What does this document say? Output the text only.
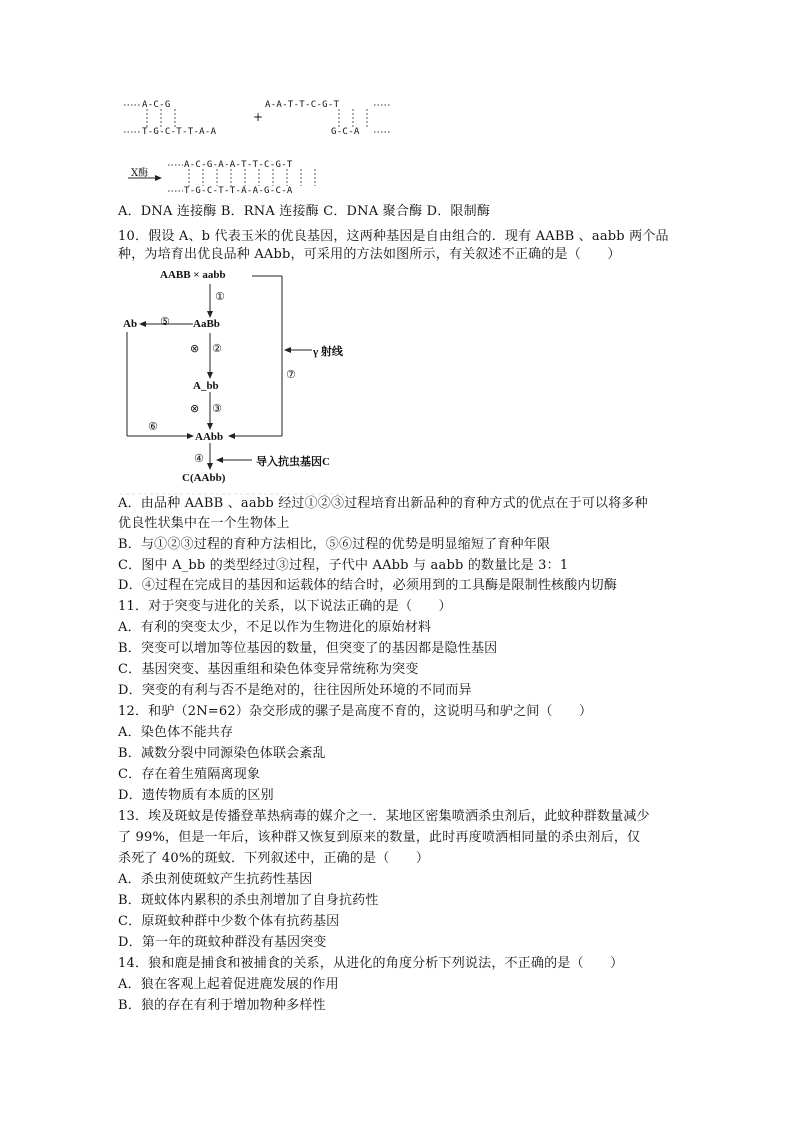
A-C-G
T-G-C-T-T-A-A
+
A-A-T-T-C-G-T
G-C-A
X酶
A-C-G-A-A-T-T-C-G-T
T-G-C-T-T-A-A-G-C-A
A．DNA 连接酶 B．RNA 连接酶 C．DNA 聚合酶 D．限制酶
10．假设 A、b 代表玉米的优良基因，这两种基因是自由组合的．现有 AABB 、aabb 两个品
种，为培育出优良品种 AAbb，可采用的方法如图所示，有关叙述不正确的是（　　）
AABB × aabb
①
AaBb
Ab ⑤
⊗ ②	γ 射线
⑦
A_bb
⊗ ③
⑥
AAbb
④	导入抗虫基因C
C(AAbb)
A．由品种 AABB 、aabb 经过①②③过程培育出新品种的育种方式的优点在于可以将多种
优良性状集中在一个生物体上
B．与①②③过程的育种方法相比，⑤⑥过程的优势是明显缩短了育种年限
C．图中 A_bb 的类型经过③过程，子代中 AAbb 与 aabb 的数量比是 3：1
D．④过程在完成目的基因和运载体的结合时，必须用到的工具酶是限制性核酸内切酶
11．对于突变与进化的关系，以下说法正确的是（　　）
A．有利的突变太少，不足以作为生物进化的原始材料
B．突变可以增加等位基因的数量，但突变了的基因都是隐性基因
C．基因突变、基因重组和染色体变异常统称为突变
D．突变的有利与否不是绝对的，往往因所处环境的不同而异
12．和驴（2N=62）杂交形成的骡子是高度不育的，这说明马和驴之间（　　）
A．染色体不能共存
B．减数分裂中同源染色体联会紊乱
C．存在着生殖隔离现象
D．遗传物质有本质的区别
13．埃及斑蚊是传播登革热病毒的媒介之一．某地区密集喷洒杀虫剂后，此蚊种群数量减少
了 99%，但是一年后，该种群又恢复到原来的数量，此时再度喷洒相同量的杀虫剂后，仅
杀死了 40%的斑蚊．下列叙述中，正确的是（　　）
A．杀虫剂使斑蚊产生抗药性基因
B．斑蚊体内累积的杀虫剂增加了自身抗药性
C．原斑蚊种群中少数个体有抗药基因
D．第一年的斑蚊种群没有基因突变
14．狼和鹿是捕食和被捕食的关系，从进化的角度分析下列说法，不正确的是（　　）
A．狼在客观上起着促进鹿发展的作用
B．狼的存在有利于增加物种多样性
